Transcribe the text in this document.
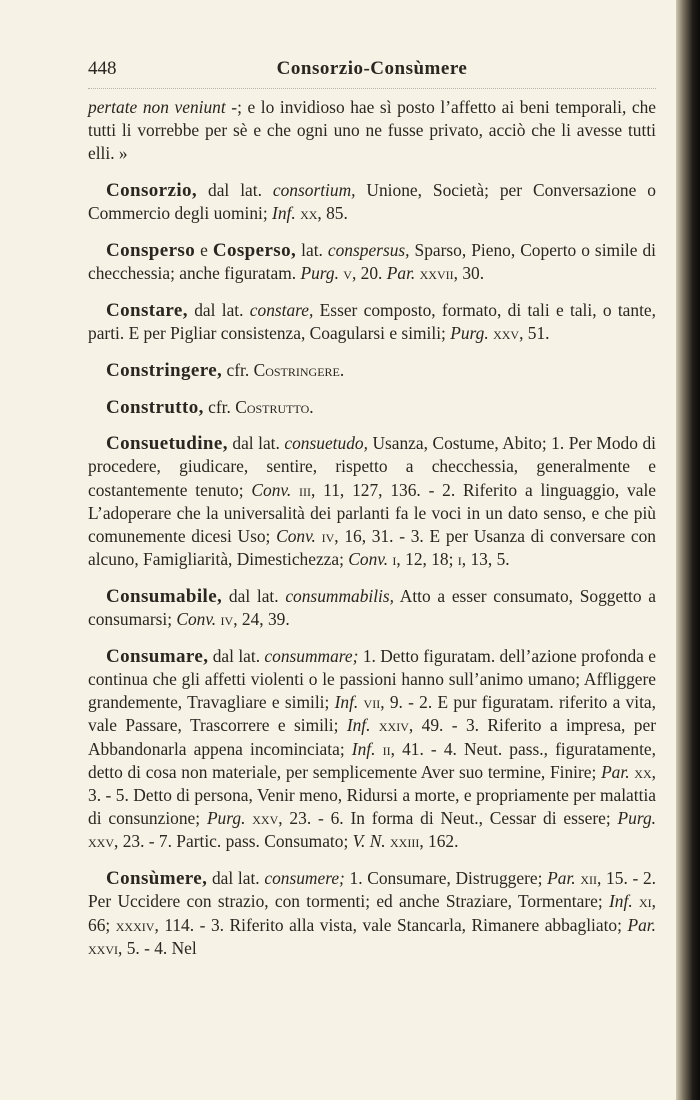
448	Consorzio-Consùmere

pertate non veniunt -; e lo invidioso hae sì posto l’affetto ai beni temporali, che tutti li vorrebbe per sè e che ogni uno ne fusse privato, acciò che li avesse tutti elli. »

Consorzio, dal lat. consortium, Unione, Società; per Conversazione o Commercio degli uomini; Inf. xx, 85.

Consperso e Cosperso, lat. conspersus, Sparso, Pieno, Coperto o simile di checchessia; anche figuratam. Purg. v, 20. Par. xxvii, 30.

Constare, dal lat. constare, Esser composto, formato, di tali e tali, o tante, parti. E per Pigliar consistenza, Coagularsi e simili; Purg. xxv, 51.

Constringere, cfr. Costringere.

Construtto, cfr. Costrutto.

Consuetudine, dal lat. consuetudo, Usanza, Costume, Abito; 1. Per Modo di procedere, giudicare, sentire, rispetto a checchessia, generalmente e costantemente tenuto; Conv. iii, 11, 127, 136. - 2. Riferito a linguaggio, vale L’adoperare che la universalità dei parlanti fa le voci in un dato senso, e che più comunemente dicesi Uso; Conv. iv, 16, 31. - 3. E per Usanza di conversare con alcuno, Famigliarità, Dimestichezza; Conv. i, 12, 18; i, 13, 5.

Consumabile, dal lat. consummabilis, Atto a esser consumato, Soggetto a consumarsi; Conv. iv, 24, 39.

Consumare, dal lat. consummare; 1. Detto figuratam. dell’azione profonda e continua che gli affetti violenti o le passioni hanno sull’animo umano; Affliggere grandemente, Travagliare e simili; Inf. vii, 9. - 2. E pur figuratam. riferito a vita, vale Passare, Trascorrere e simili; Inf. xxiv, 49. - 3. Riferito a impresa, per Abbandonarla appena incominciata; Inf. ii, 41. - 4. Neut. pass., figuratamente, detto di cosa non materiale, per semplicemente Aver suo termine, Finire; Par. xx, 3. - 5. Detto di persona, Venir meno, Ridursi a morte, e propriamente per malattia di consunzione; Purg. xxv, 23. - 6. In forma di Neut., Cessar di essere; Purg. xxv, 23. - 7. Partic. pass. Consumato; V. N. xxiii, 162.

Consùmere, dal lat. consumere; 1. Consumare, Distruggere; Par. xii, 15. - 2. Per Uccidere con strazio, con tormenti; ed anche Straziare, Tormentare; Inf. xi, 66; xxxiv, 114. - 3. Riferito alla vista, vale Stancarla, Rimanere abbagliato; Par. xxvi, 5. - 4. Nel
